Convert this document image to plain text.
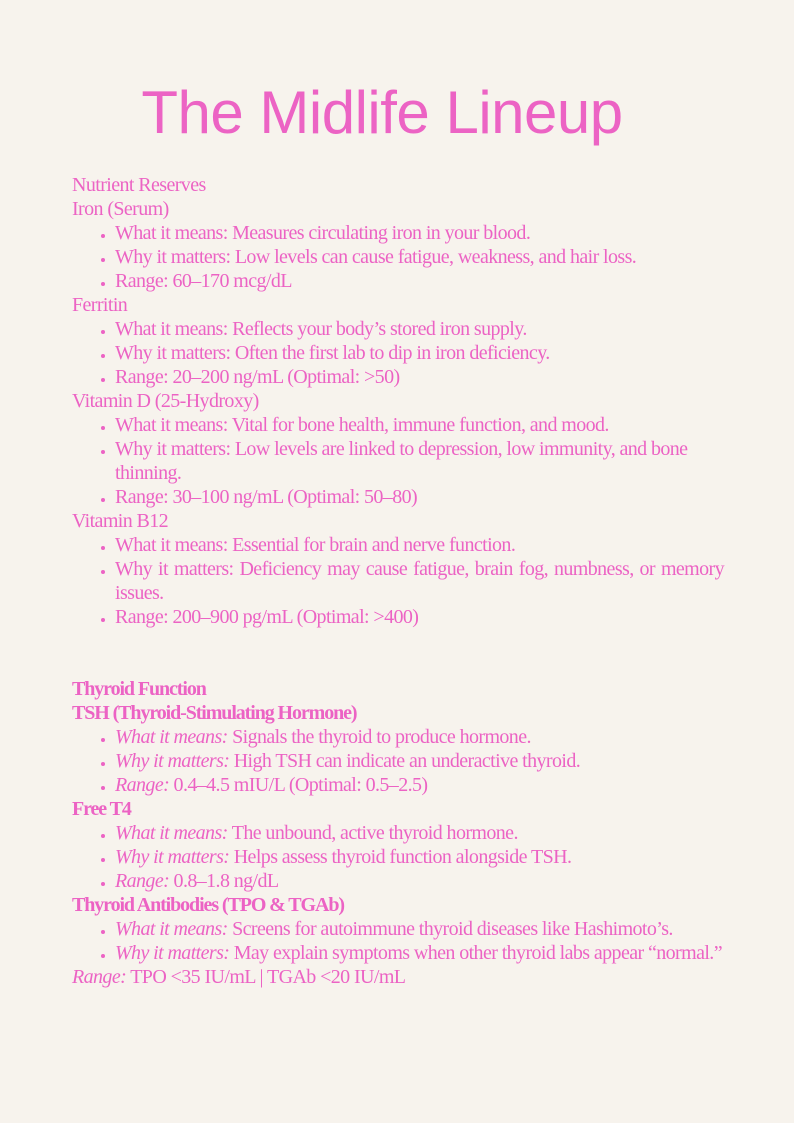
The Midlife Lineup

Nutrient Reserves

Iron (Serum)

• What it means: Measures circulating iron in your blood.
• Why it matters: Low levels can cause fatigue, weakness, and hair loss.
• Range: 60–170 mcg/dL

Ferritin

• What it means: Reflects your body’s stored iron supply.
• Why it matters: Often the first lab to dip in iron deficiency.
• Range: 20–200 ng/mL (Optimal: >50)

Vitamin D (25-Hydroxy)

• What it means: Vital for bone health, immune function, and mood.
• Why it matters: Low levels are linked to depression, low immunity, and bone thinning.
• Range: 30–100 ng/mL (Optimal: 50–80)

Vitamin B12

• What it means: Essential for brain and nerve function.
• Why it matters: Deficiency may cause fatigue, brain fog, numbness, or memory issues.
• Range: 200–900 pg/mL (Optimal: >400)

Thyroid Function

TSH (Thyroid-Stimulating Hormone)

• What it means: Signals the thyroid to produce hormone.
• Why it matters: High TSH can indicate an underactive thyroid.
• Range: 0.4–4.5 mIU/L (Optimal: 0.5–2.5)

Free T4

• What it means: The unbound, active thyroid hormone.
• Why it matters: Helps assess thyroid function alongside TSH.
• Range: 0.8–1.8 ng/dL

Thyroid Antibodies (TPO & TGAb)

• What it means: Screens for autoimmune thyroid diseases like Hashimoto’s.
• Why it matters: May explain symptoms when other thyroid labs appear “normal.”

Range: TPO <35 IU/mL | TGAb <20 IU/mL
